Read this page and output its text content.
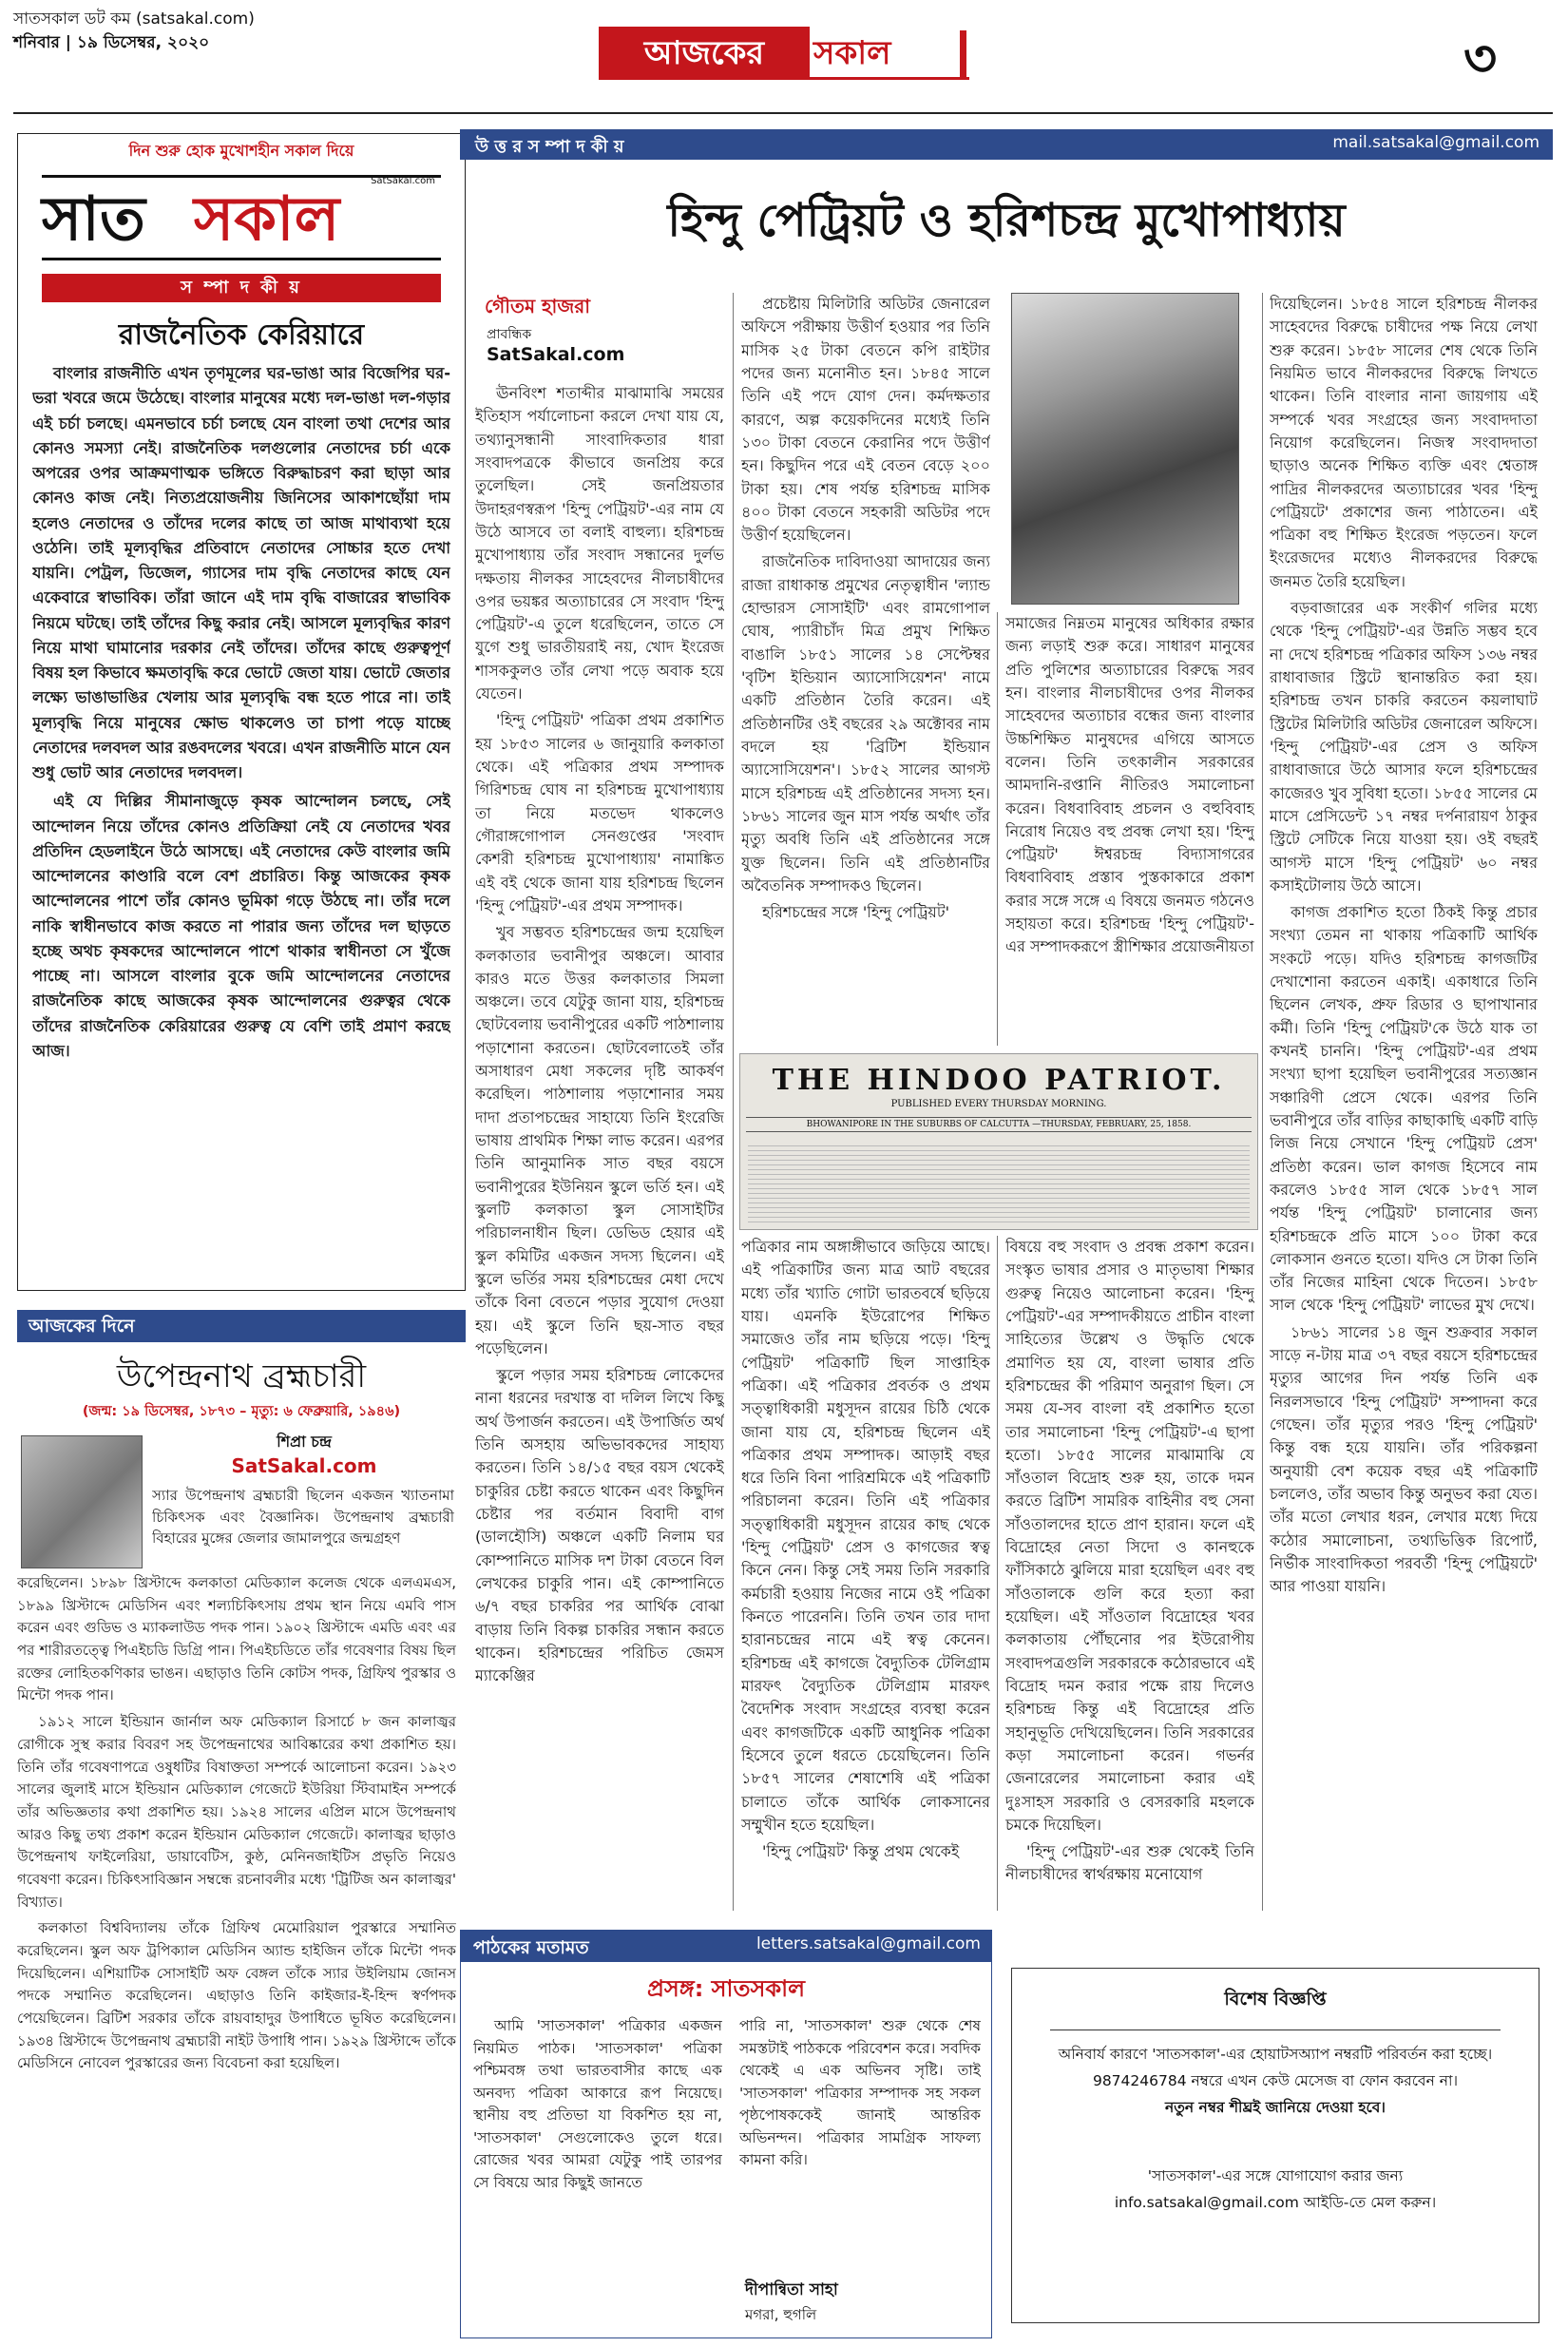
সাতসকাল ডট কম (satsakal.com)
শনিবার | ১৯ ডিসেম্বর, ২০২০	আজকের	সকাল	৩
দিন শুরু হোক মুখোশহীন সকাল দিয়ে
সাত সকাল
SatSakal.com
স ম্পা দ কী য়
রাজনৈতিক কেরিয়ারে

বাংলার রাজনীতি এখন তৃণমূলের ঘর-ভাঙা আর বিজেপির ঘর-ভরা খবরে জমে উঠেছে। বাংলার মানুষের মধ্যে দল-ভাঙা দল-গড়ার এই চর্চা চলছে। এমনভাবে চর্চা চলছে যেন বাংলা তথা দেশের আর কোনও সমস্যা নেই। রাজনৈতিক দলগুলোর নেতাদের চর্চা একে অপরের ওপর আক্রমণাত্মক ভঙ্গিতে বিরুদ্ধাচরণ করা ছাড়া আর কোনও কাজ নেই। নিত্যপ্রয়োজনীয় জিনিসের আকাশছোঁয়া দাম হলেও নেতাদের ও তাঁদের দলের কাছে তা আজ মাথাব্যথা হয়ে ওঠেনি। তাই মূল্যবৃদ্ধির প্রতিবাদে নেতাদের সোচ্চার হতে দেখা যায়নি। পেট্রল, ডিজেল, গ্যাসের দাম বৃদ্ধি নেতাদের কাছে যেন একেবারে স্বাভাবিক। তাঁরা জানে এই দাম বৃদ্ধি বাজারের স্বাভাবিক নিয়মে ঘটছে। তাই তাঁদের কিছু করার নেই। আসলে মূল্যবৃদ্ধির কারণ নিয়ে মাথা ঘামানোর দরকার নেই তাঁদের। তাঁদের কাছে গুরুত্বপূর্ণ বিষয় হল কিভাবে ক্ষমতাবৃদ্ধি করে ভোটে জেতা যায়। ভোটে জেতার লক্ষ্যে ভাঙাভাঙির খেলায় আর মূল্যবৃদ্ধি বন্ধ হতে পারে না। তাই মূল্যবৃদ্ধি নিয়ে মানুষের ক্ষোভ থাকলেও তা চাপা পড়ে যাচ্ছে নেতাদের দলবদল আর রঙবদলের খবরে। এখন রাজনীতি মানে যেন শুধু ভোট আর নেতাদের দলবদল।

এই যে দিল্লির সীমানাজুড়ে কৃষক আন্দোলন চলছে, সেই আন্দোলন নিয়ে তাঁদের কোনও প্রতিক্রিয়া নেই যে নেতাদের খবর প্রতিদিন হেডলাইনে উঠে আসছে। এই নেতাদের কেউ বাংলার জমি আন্দোলনের কাণ্ডারি বলে বেশ প্রচারিত। কিন্তু আজকের কৃষক আন্দোলনের পাশে তাঁর কোনও ভূমিকা গড়ে উঠছে না। তাঁর দলে নাকি স্বাধীনভাবে কাজ করতে না পারার জন্য তাঁদের দল ছাড়তে হচ্ছে অথচ কৃষকদের আন্দোলনে পাশে থাকার স্বাধীনতা সে খুঁজে পাচ্ছে না। আসলে বাংলার বুকে জমি আন্দোলনের নেতাদের রাজনৈতিক কাছে আজকের কৃষক আন্দোলনের গুরুত্বর থেকে তাঁদের রাজনৈতিক কেরিয়ারের গুরুত্ব যে বেশি তাই প্রমাণ করছে আজ।

আজকের দিনে
উপেন্দ্রনাথ ব্রহ্মচারী
(জন্ম: ১৯ ডিসেম্বর, ১৮৭৩ – মৃত্যু: ৬ ফেব্রুয়ারি, ১৯৪৬)
শিপ্রা চন্দ্র
SatSakal.com
স্যার উপেন্দ্রনাথ ব্রহ্মচারী ছিলেন একজন খ্যাতনামা চিকিৎসক এবং বৈজ্ঞানিক। উপেন্দ্রনাথ ব্রহ্মচারী বিহারের মুঙ্গের জেলার জামালপুরে জন্মগ্রহণ

করেছিলেন। ১৮৯৮ খ্রিস্টাব্দে কলকাতা মেডিক্যাল কলেজ থেকে এলএমএস, ১৮৯৯ খ্রিস্টাব্দে মেডিসিন এবং শল্যচিকিৎসায় প্রথম স্থান নিয়ে এমবি পাস করেন এবং গুডিভ ও ম্যাকলাউড পদক পান। ১৯০২ খ্রিস্টাব্দে এমডি এবং এর পর শারীরতত্ত্বে পিএইচডি ডিগ্রি পান। পিএইচডিতে তাঁর গবেষণার বিষয় ছিল রক্তের লোহিতকণিকার ভাঙন। এছাড়াও তিনি কোটস পদক, গ্রিফিথ পুরস্কার ও মিন্টো পদক পান।

১৯১২ সালে ইন্ডিয়ান জার্নাল অফ মেডিক্যাল রিসার্চে ৮ জন কালাজ্বর রোগীকে সুস্থ করার বিবরণ সহ উপেন্দ্রনাথের আবিষ্কারের কথা প্রকাশিত হয়। তিনি তাঁর গবেষণাপত্রে ওষুধটির বিষাক্ততা সম্পর্কে আলোচনা করেন। ১৯২৩ সালের জুলাই মাসে ইন্ডিয়ান মেডিক্যাল গেজেটে ইউরিয়া স্টিবামাইন সম্পর্কে তাঁর অভিজ্ঞতার কথা প্রকাশিত হয়। ১৯২৪ সালের এপ্রিল মাসে উপেন্দ্রনাথ আরও কিছু তথ্য প্রকাশ করেন ইন্ডিয়ান মেডিক্যাল গেজেটে। কালাজ্বর ছাড়াও উপেন্দ্রনাথ ফাইলেরিয়া, ডায়াবেটিস, কুষ্ঠ, মেনিনজাইটিস প্রভৃতি নিয়েও গবেষণা করেন। চিকিৎসাবিজ্ঞান সম্বন্ধে রচনাবলীর মধ্যে 'ট্রিটিজ অন কালাজ্বর' বিখ্যাত।

কলকাতা বিশ্ববিদ্যালয় তাঁকে গ্রিফিথ মেমোরিয়াল পুরস্কারে সম্মানিত করেছিলেন। স্কুল অফ ট্রপিক্যাল মেডিসিন অ্যান্ড হাইজিন তাঁকে মিন্টো পদক দিয়েছিলেন। এশিয়াটিক সোসাইটি অফ বেঙ্গল তাঁকে স্যার উইলিয়াম জোনস পদকে সম্মানিত করেছিলেন। এছাড়াও তিনি কাইজার-ই-হিন্দ স্বর্ণপদক পেয়েছিলেন। ব্রিটিশ সরকার তাঁকে রায়বাহাদুর উপাধিতে ভূষিত করেছিলেন। ১৯৩৪ খ্রিস্টাব্দে উপেন্দ্রনাথ ব্রহ্মচারী নাইট উপাধি পান। ১৯২৯ খ্রিস্টাব্দে তাঁকে মেডিসিনে নোবেল পুরস্কারের জন্য বিবেচনা করা হয়েছিল।

উ ত্ত র স ম্পা দ কী য়	mail.satsakal@gmail.com
হিন্দু পেট্রিয়ট ও হরিশচন্দ্র মুখোপাধ্যায়
গৌতম হাজরা
প্রাবন্ধিক
SatSakal.com

ঊনবিংশ শতাব্দীর মাঝামাঝি সময়ের ইতিহাস পর্যালোচনা করলে দেখা যায় যে, তথ্যানুসন্ধানী সাংবাদিকতার ধারা সংবাদপত্রকে কীভাবে জনপ্রিয় করে তুলেছিল। সেই জনপ্রিয়তার উদাহরণস্বরূপ 'হিন্দু পেট্রিয়ট'-এর নাম যে উঠে আসবে তা বলাই বাহুল্য। হরিশচন্দ্র মুখোপাধ্যায় তাঁর সংবাদ সন্ধানের দুর্লভ দক্ষতায় নীলকর সাহেবদের নীলচাষীদের ওপর ভয়ঙ্কর অত্যাচারের সে সংবাদ 'হিন্দু পেট্রিয়ট'-এ তুলে ধরেছিলেন, তাতে সে যুগে শুধু ভারতীয়রাই নয়, খোদ ইংরেজ শাসককুলও তাঁর লেখা পড়ে অবাক হয়ে যেতেন।

'হিন্দু পেট্রিয়ট' পত্রিকা প্রথম প্রকাশিত হয় ১৮৫৩ সালের ৬ জানুয়ারি কলকাতা থেকে। এই পত্রিকার প্রথম সম্পাদক গিরিশচন্দ্র ঘোষ না হরিশচন্দ্র মুখোপাধ্যায় তা নিয়ে মতভেদ থাকলেও গৌরাঙ্গগোপাল সেনগুপ্তের 'সংবাদ কেশরী হরিশচন্দ্র মুখোপাধ্যায়' নামাঙ্কিত এই বই থেকে জানা যায় হরিশচন্দ্র ছিলেন 'হিন্দু পেট্রিয়ট'-এর প্রথম সম্পাদক।

খুব সম্ভবত হরিশচন্দ্রের জন্ম হয়েছিল কলকাতার ভবানীপুর অঞ্চলে। আবার কারও মতে উত্তর কলকাতার সিমলা অঞ্চলে। তবে যেটুকু জানা যায়, হরিশচন্দ্র ছোটবেলায় ভবানীপুরের একটি পাঠশালায় পড়াশোনা করতেন। ছোটবেলাতেই তাঁর অসাধারণ মেধা সকলের দৃষ্টি আকর্ষণ করেছিল। পাঠশালায় পড়াশোনার সময় দাদা প্রতাপচন্দ্রের সাহায্যে তিনি ইংরেজি ভাষায় প্রাথমিক শিক্ষা লাভ করেন। এরপর তিনি আনুমানিক সাত বছর বয়সে ভবানীপুরের ইউনিয়ন স্কুলে ভর্তি হন। এই স্কুলটি কলকাতা স্কুল সোসাইটির পরিচালনাধীন ছিল। ডেভিড হেয়ার এই স্কুল কমিটির একজন সদস্য ছিলেন। এই স্কুলে ভর্তির সময় হরিশচন্দ্রের মেধা দেখে তাঁকে বিনা বেতনে পড়ার সুযোগ দেওয়া হয়। এই স্কুলে তিনি ছয়-সাত বছর পড়েছিলেন।

স্কুলে পড়ার সময় হরিশচন্দ্র লোকেদের নানা ধরনের দরখাস্ত বা দলিল লিখে কিছু অর্থ উপার্জন করতেন। এই উপার্জিত অর্থ তিনি অসহায় অভিভাবকদের সাহায্য করতেন। তিনি ১৪/১৫ বছর বয়স থেকেই চাকুরির চেষ্টা করতে থাকেন এবং কিছুদিন চেষ্টার পর বর্তমান বিবাদী বাগ (ডালহৌসি) অঞ্চলে একটি নিলাম ঘর কোম্পানিতে মাসিক দশ টাকা বেতনে বিল লেখকের চাকুরি পান। এই কোম্পানিতে ৬/৭ বছর চাকরির পর আর্থিক বোঝা বাড়ায় তিনি বিকল্প চাকরির সন্ধান করতে থাকেন। হরিশচন্দ্রের পরিচিত জেমস ম্যাকেঞ্জির

প্রচেষ্টায় মিলিটারি অডিটর জেনারেল অফিসে পরীক্ষায় উত্তীর্ণ হওয়ার পর তিনি মাসিক ২৫ টাকা বেতনে কপি রাইটার পদের জন্য মনোনীত হন। ১৮৪৫ সালে তিনি এই পদে যোগ দেন। কর্মদক্ষতার কারণে, অল্প কয়েকদিনের মধ্যেই তিনি ১৩০ টাকা বেতনে কেরানির পদে উত্তীর্ণ হন। কিছুদিন পরে এই বেতন বেড়ে ২০০ টাকা হয়। শেষ পর্যন্ত হরিশচন্দ্র মাসিক ৪০০ টাকা বেতনে সহকারী অডিটর পদে উত্তীর্ণ হয়েছিলেন।

রাজনৈতিক দাবিদাওয়া আদায়ের জন্য রাজা রাধাকান্ত প্রমুখের নেতৃত্বাধীন 'ল্যান্ড হোল্ডারস সোসাইটি' এবং রামগোপাল ঘোষ, প্যারীচাঁদ মিত্র প্রমুখ শিক্ষিত বাঙালি ১৮৫১ সালের ১৪ সেপ্টেম্বর 'বৃটিশ ইন্ডিয়ান অ্যাসোসিয়েশন' নামে একটি প্রতিষ্ঠান তৈরি করেন। এই প্রতিষ্ঠানটির ওই বছরের ২৯ অক্টোবর নাম বদলে হয় 'ব্রিটিশ ইন্ডিয়ান অ্যাসোসিয়েশন'। ১৮৫২ সালের আগস্ট মাসে হরিশচন্দ্র এই প্রতিষ্ঠানের সদস্য হন। ১৮৬১ সালের জুন মাস পর্যন্ত অর্থাৎ তাঁর মৃত্যু অবধি তিনি এই প্রতিষ্ঠানের সঙ্গে যুক্ত ছিলেন। তিনি এই প্রতিষ্ঠানটির অবৈতনিক সম্পাদকও ছিলেন।

হরিশচন্দ্রের সঙ্গে 'হিন্দু পেট্রিয়ট'

সমাজের নিম্নতম মানুষের অধিকার রক্ষার জন্য লড়াই শুরু করে। সাধারণ মানুষের প্রতি পুলিশের অত্যাচারের বিরুদ্ধে সরব হন। বাংলার নীলচাষীদের ওপর নীলকর সাহেবদের অত্যাচার বন্ধের জন্য বাংলার উচ্চশিক্ষিত মানুষদের এগিয়ে আসতে বলেন। তিনি তৎকালীন সরকারের আমদানি-রপ্তানি নীতিরও সমালোচনা করেন। বিধবাবিবাহ প্রচলন ও বহুবিবাহ নিরোধ নিয়েও বহু প্রবন্ধ লেখা হয়। 'হিন্দু পেট্রিয়ট' ঈশ্বরচন্দ্র বিদ্যাসাগরের বিধবাবিবাহ প্রস্তাব পুস্তকাকারে প্রকাশ করার সঙ্গে সঙ্গে এ বিষয়ে জনমত গঠনেও সহায়তা করে। হরিশচন্দ্র 'হিন্দু পেট্রিয়ট'-এর সম্পাদকরূপে স্ত্রীশিক্ষার প্রয়োজনীয়তা

THE HINDOO PATRIOT.
PUBLISHED EVERY THURSDAY MORNING.
BHOWANIPORE IN THE SUBURBS OF CALCUTTA —THURSDAY, FEBRUARY, 25, 1858.

পত্রিকার নাম অঙ্গাঙ্গীভাবে জড়িয়ে আছে। এই পত্রিকাটির জন্য মাত্র আট বছরের মধ্যে তাঁর খ্যাতি গোটা ভারতবর্ষে ছড়িয়ে যায়। এমনকি ইউরোপের শিক্ষিত সমাজেও তাঁর নাম ছড়িয়ে পড়ে। 'হিন্দু পেট্রিয়ট' পত্রিকাটি ছিল সাপ্তাহিক পত্রিকা। এই পত্রিকার প্রবর্তক ও প্রথম সত্ত্বাধিকারী মধুসূদন রায়ের চিঠি থেকে জানা যায় যে, হরিশচন্দ্র ছিলেন এই পত্রিকার প্রথম সম্পাদক। আড়াই বছর ধরে তিনি বিনা পারিশ্রমিকে এই পত্রিকাটি পরিচালনা করেন। তিনি এই পত্রিকার সত্ত্বাধিকারী মধুসূদন রায়ের কাছ থেকে 'হিন্দু পেট্রিয়ট' প্রেস ও কাগজের স্বত্ব কিনে নেন। কিন্তু সেই সময় তিনি সরকারি কর্মচারী হওয়ায় নিজের নামে ওই পত্রিকা কিনতে পারেননি। তিনি তখন তার দাদা হারানচন্দ্রের নামে এই স্বত্ব কেনেন। হরিশচন্দ্র এই কাগজে বৈদ্যুতিক টেলিগ্রাম মারফৎ বৈদ্যুতিক টেলিগ্রাম মারফৎ বৈদেশিক সংবাদ সংগ্রহের ব্যবস্থা করেন এবং কাগজটিকে একটি আধুনিক পত্রিকা হিসেবে তুলে ধরতে চেয়েছিলেন। তিনি ১৮৫৭ সালের শেষাশেষি এই পত্রিকা চালাতে তাঁকে আর্থিক লোকসানের সম্মুখীন হতে হয়েছিল।

'হিন্দু পেট্রিয়ট' কিন্তু প্রথম থেকেই

বিষয়ে বহু সংবাদ ও প্রবন্ধ প্রকাশ করেন। সংস্কৃত ভাষার প্রসার ও মাতৃভাষা শিক্ষার গুরুত্ব নিয়েও আলোচনা করেন। 'হিন্দু পেট্রিয়ট'-এর সম্পাদকীয়তে প্রাচীন বাংলা সাহিত্যের উল্লেখ ও উদ্ধৃতি থেকে প্রমাণিত হয় যে, বাংলা ভাষার প্রতি হরিশচন্দ্রের কী পরিমাণ অনুরাগ ছিল। সে সময় যে-সব বাংলা বই প্রকাশিত হতো তার সমালোচনা 'হিন্দু পেট্রিয়ট'-এ ছাপা হতো। ১৮৫৫ সালের মাঝামাঝি যে সাঁওতাল বিদ্রোহ শুরু হয়, তাকে দমন করতে ব্রিটিশ সামরিক বাহিনীর বহু সেনা সাঁওতালদের হাতে প্রাণ হারান। ফলে এই বিদ্রোহের নেতা সিদো ও কানহুকে ফাঁসিকাঠে ঝুলিয়ে মারা হয়েছিল এবং বহু সাঁওতালকে গুলি করে হত্যা করা হয়েছিল। এই সাঁওতাল বিদ্রোহের খবর কলকাতায় পৌঁছনোর পর ইউরোপীয় সংবাদপত্রগুলি সরকারকে কঠোরভাবে এই বিদ্রোহ দমন করার পক্ষে রায় দিলেও হরিশচন্দ্র কিন্তু এই বিদ্রোহের প্রতি সহানুভূতি দেখিয়েছিলেন। তিনি সরকারের কড়া সমালোচনা করেন। গভর্নর জেনারেলের সমালোচনা করার এই দুঃসাহস সরকারি ও বেসরকারি মহলকে চমকে দিয়েছিল।

'হিন্দু পেট্রিয়ট'-এর শুরু থেকেই তিনি নীলচাষীদের স্বার্থরক্ষায় মনোযোগ

দিয়েছিলেন। ১৮৫৪ সালে হরিশচন্দ্র নীলকর সাহেবদের বিরুদ্ধে চাষীদের পক্ষ নিয়ে লেখা শুরু করেন। ১৮৫৮ সালের শেষ থেকে তিনি নিয়মিত ভাবে নীলকরদের বিরুদ্ধে লিখতে থাকেন। তিনি বাংলার নানা জায়গায় এই সম্পর্কে খবর সংগ্রহের জন্য সংবাদদাতা নিয়োগ করেছিলেন। নিজস্ব সংবাদদাতা ছাড়াও অনেক শিক্ষিত ব্যক্তি এবং শ্বেতাঙ্গ পাদ্রির নীলকরদের অত্যাচারের খবর 'হিন্দু পেট্রিয়টে' প্রকাশের জন্য পাঠাতেন। এই পত্রিকা বহু শিক্ষিত ইংরেজ পড়তেন। ফলে ইংরেজদের মধ্যেও নীলকরদের বিরুদ্ধে জনমত তৈরি হয়েছিল।

বড়বাজারের এক সংকীর্ণ গলির মধ্যে থেকে 'হিন্দু পেট্রিয়ট'-এর উন্নতি সম্ভব হবে না দেখে হরিশচন্দ্র পত্রিকার অফিস ১৩৬ নম্বর রাধাবাজার স্ট্রিটে স্থানান্তরিত করা হয়। হরিশচন্দ্র তখন চাকরি করতেন কয়লাঘাট স্ট্রিটের মিলিটারি অডিটর জেনারেল অফিসে। 'হিন্দু পেট্রিয়ট'-এর প্রেস ও অফিস রাধাবাজারে উঠে আসার ফলে হরিশচন্দ্রের কাজেরও খুব সুবিধা হতো। ১৮৫৫ সালের মে মাসে প্রেসিডেন্ট ১৭ নম্বর দর্পনারায়ণ ঠাকুর স্ট্রিটে সেটিকে নিয়ে যাওয়া হয়। ওই বছরই আগস্ট মাসে 'হিন্দু পেট্রিয়ট' ৬০ নম্বর কসাইটোলায় উঠে আসে।

কাগজ প্রকাশিত হতো ঠিকই কিন্তু প্রচার সংখ্যা তেমন না থাকায় পত্রিকাটি আর্থিক সংকটে পড়ে। যদিও হরিশচন্দ্র কাগজটির দেখাশোনা করতেন একাই। একাধারে তিনি ছিলেন লেখক, প্রুফ রিডার ও ছাপাখানার কর্মী। তিনি 'হিন্দু পেট্রিয়ট'কে উঠে যাক তা কখনই চাননি। 'হিন্দু পেট্রিয়ট'-এর প্রথম সংখ্যা ছাপা হয়েছিল ভবানীপুরের সত্যজ্ঞান সঞ্চারিণী প্রেসে থেকে। এরপর তিনি ভবানীপুরে তাঁর বাড়ির কাছাকাছি একটি বাড়ি লিজ নিয়ে সেখানে 'হিন্দু পেট্রিয়ট প্রেস' প্রতিষ্ঠা করেন। ভাল কাগজ হিসেবে নাম করলেও ১৮৫৫ সাল থেকে ১৮৫৭ সাল পর্যন্ত 'হিন্দু পেট্রিয়ট' চালানোর জন্য হরিশচন্দ্রকে প্রতি মাসে ১০০ টাকা করে লোকসান গুনতে হতো। যদিও সে টাকা তিনি তাঁর নিজের মাহিনা থেকে দিতেন। ১৮৫৮ সাল থেকে 'হিন্দু পেট্রিয়ট' লাভের মুখ দেখে।

১৮৬১ সালের ১৪ জুন শুক্রবার সকাল সাড়ে ন-টায় মাত্র ৩৭ বছর বয়সে হরিশচন্দ্রের মৃত্যুর আগের দিন পর্যন্ত তিনি এক নিরলসভাবে 'হিন্দু পেট্রিয়ট' সম্পাদনা করে গেছেন। তাঁর মৃত্যুর পরও 'হিন্দু পেট্রিয়ট' কিন্তু বন্ধ হয়ে যায়নি। তাঁর পরিকল্পনা অনুযায়ী বেশ কয়েক বছর এই পত্রিকাটি চললেও, তাঁর অভাব কিন্তু অনুভব করা যেত। তাঁর মতো লেখার ধরন, লেখার মধ্যে দিয়ে কঠোর সমালোচনা, তথ্যভিত্তিক রিপোর্ট, নির্ভীক সাংবাদিকতা পরবর্তী 'হিন্দু পেট্রিয়টে' আর পাওয়া যায়নি।

পাঠকের মতামত	letters.satsakal@gmail.com
প্রসঙ্গ: সাতসকাল
আমি 'সাতসকাল' পত্রিকার একজন নিয়মিত পাঠক। 'সাতসকাল' পত্রিকা পশ্চিমবঙ্গ তথা ভারতবাসীর কাছে এক অনবদ্য পত্রিকা আকারে রূপ নিয়েছে। স্থানীয় বহু প্রতিভা যা বিকশিত হয় না, 'সাতসকাল' সেগুলোকেও তুলে ধরে। রোজের খবর আমরা যেটুকু পাই তারপর সে বিষয়ে আর কিছুই জানতে
পারি না, 'সাতসকাল' শুরু থেকে শেষ সমস্তটাই পাঠককে পরিবেশন করে। সবদিক থেকেই এ এক অভিনব সৃষ্টি। তাই 'সাতসকাল' পত্রিকার সম্পাদক সহ সকল পৃষ্ঠপোষককেই জানাই আন্তরিক অভিনন্দন। পত্রিকার সামগ্রিক সাফল্য কামনা করি।
দীপান্বিতা সাহা
মগরা, হুগলি
বিশেষ বিজ্ঞপ্তি
অনিবার্য কারণে 'সাতসকাল'-এর হোয়াটসঅ্যাপ নম্বরটি পরিবর্তন করা হচ্ছে।
9874246784 নম্বরে এখন কেউ মেসেজ বা ফোন করবেন না।
নতুন নম্বর শীঘ্রই জানিয়ে দেওয়া হবে।
'সাতসকাল'-এর সঙ্গে যোগাযোগ করার জন্য
info.satsakal@gmail.com আইডি-তে মেল করুন।
